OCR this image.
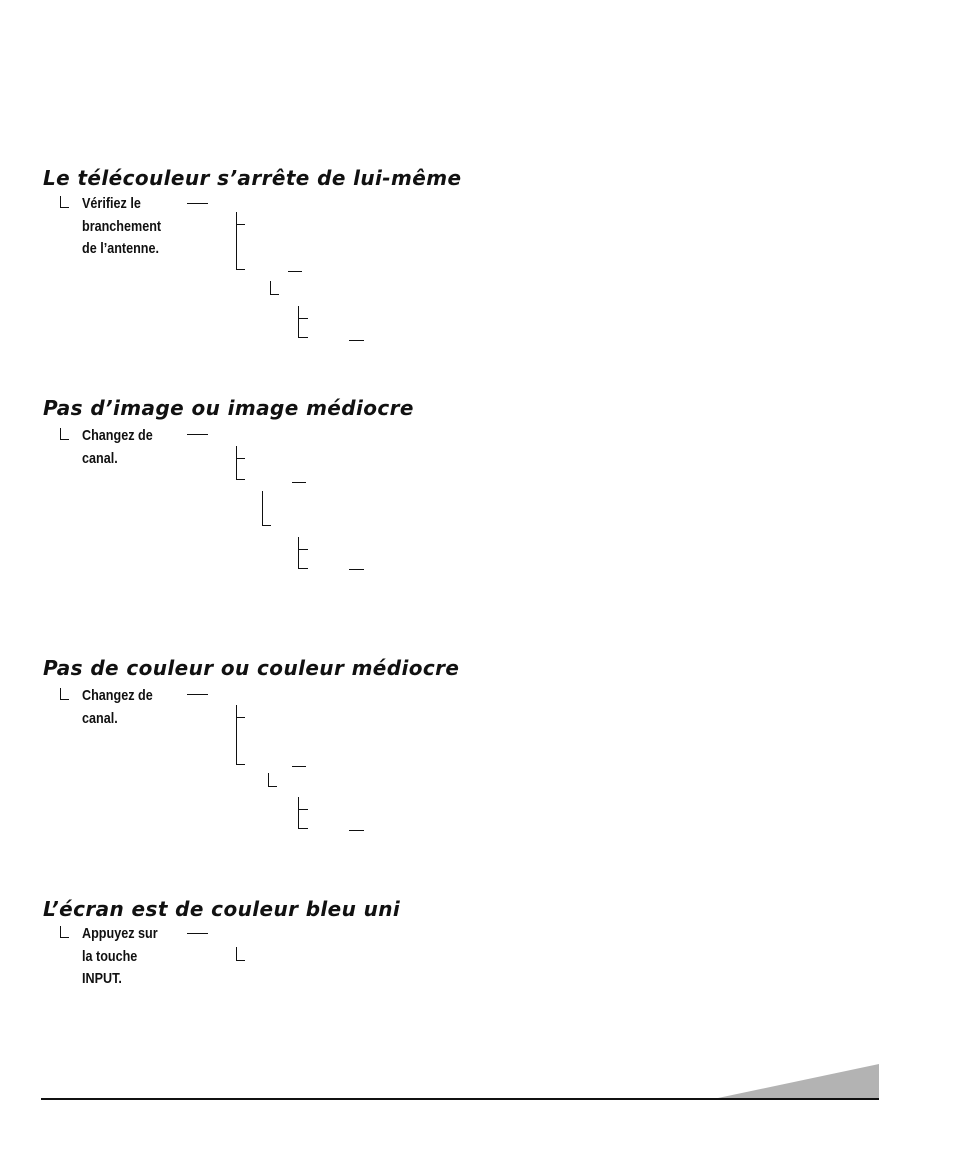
Le télécouleur s’arrête de lui-même
Vérifiez le
branchement
de l’antenne.
Pas d’image ou image médiocre
Changez de
canal.
Pas de couleur ou couleur médiocre
Changez de
canal.
L’écran est de couleur bleu uni
Appuyez sur
la touche
INPUT.
